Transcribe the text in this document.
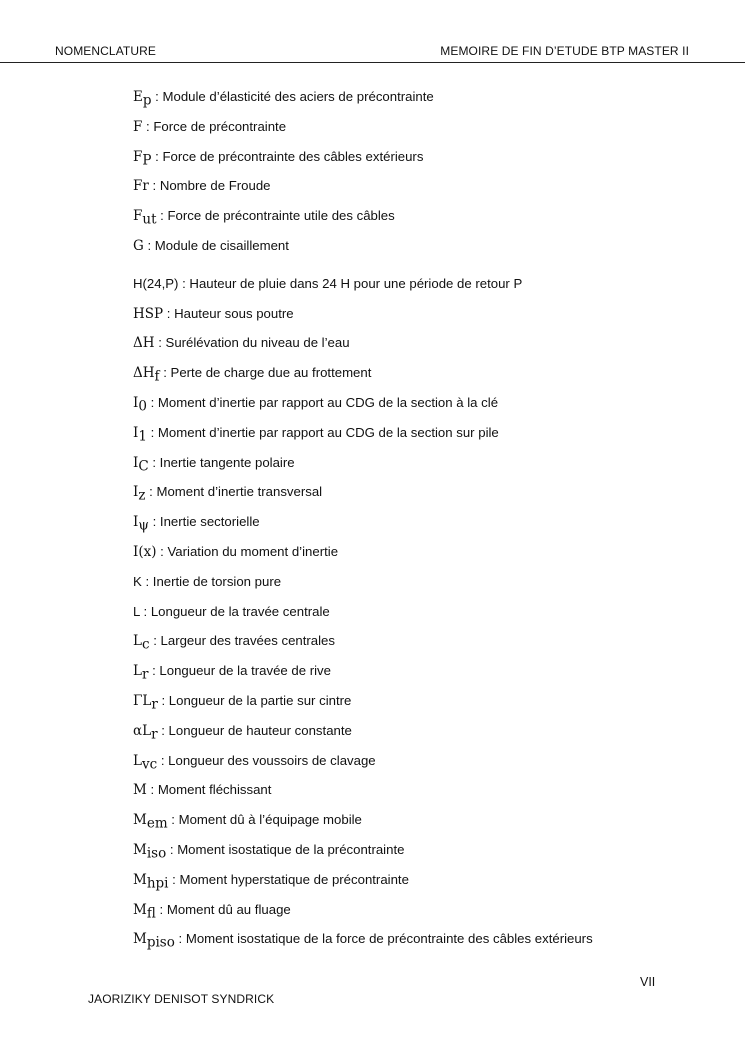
NOMENCLATURE	MEMOIRE DE FIN D’ETUDE BTP MASTER II
$E_p$ : Module d’élasticité des aciers de précontrainte
F : Force de précontrainte
$F_P$ : Force de précontrainte des câbles extérieurs
Fr : Nombre de Froude
$F_{ut}$ : Force de précontrainte utile des câbles
G : Module de cisaillement
H(24,P) : Hauteur de pluie dans 24 H pour une période de retour P
HSP : Hauteur sous poutre
ΔH : Surélévation du niveau de l’eau
$\Delta H_f$ : Perte de charge due au frottement
$I_0$ : Moment d’inertie par rapport au CDG de la section à la clé
$I_1$ : Moment d’inertie par rapport au CDG de la section sur pile
$I_C$ : Inertie tangente polaire
$I_z$ : Moment d’inertie transversal
$I_\psi$ : Inertie sectorielle
I(x) : Variation du moment d’inertie
K : Inertie de torsion pure
L : Longueur de la travée centrale
$L_c$ : Largeur des travées centrales
$L_r$ : Longueur de la travée de rive
$\Gamma L_r$ : Longueur de la partie sur cintre
$\alpha L_r$ : Longueur de hauteur constante
$L_{vc}$ : Longueur des voussoirs de clavage
M : Moment fléchissant
$M_{em}$ : Moment dû à l’équipage mobile
$M_{iso}$ : Moment isostatique de la précontrainte
$M_{hpi}$ : Moment hyperstatique de précontrainte
$M_{fl}$ : Moment dû au fluage
$M_{piso}$ : Moment isostatique de la force de précontrainte des câbles extérieurs
VII
JAORIZIKY DENISOT SYNDRICK
